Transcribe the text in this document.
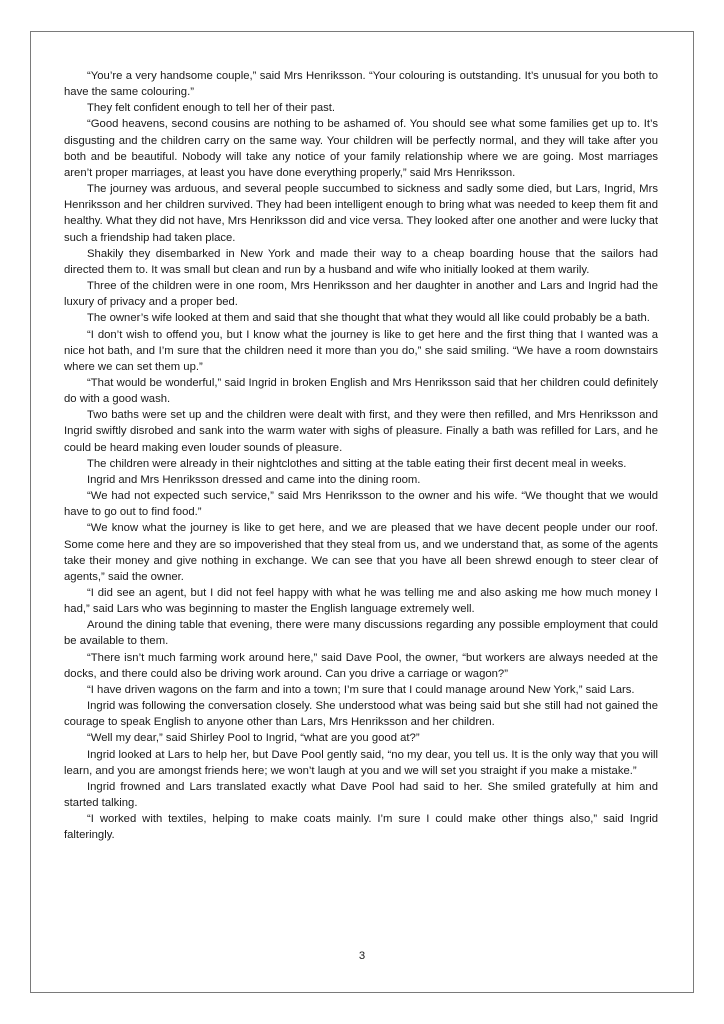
“You’re a very handsome couple,” said Mrs Henriksson. “Your colouring is outstanding. It’s unusual for you both to have the same colouring.”

They felt confident enough to tell her of their past.

“Good heavens, second cousins are nothing to be ashamed of. You should see what some families get up to. It’s disgusting and the children carry on the same way. Your children will be perfectly normal, and they will take after you both and be beautiful. Nobody will take any notice of your family relationship where we are going. Most marriages aren’t proper marriages, at least you have done everything properly,” said Mrs Henriksson.

The journey was arduous, and several people succumbed to sickness and sadly some died, but Lars, Ingrid, Mrs Henriksson and her children survived. They had been intelligent enough to bring what was needed to keep them fit and healthy. What they did not have, Mrs Henriksson did and vice versa. They looked after one another and were lucky that such a friendship had taken place.

Shakily they disembarked in New York and made their way to a cheap boarding house that the sailors had directed them to. It was small but clean and run by a husband and wife who initially looked at them warily.

Three of the children were in one room, Mrs Henriksson and her daughter in another and Lars and Ingrid had the luxury of privacy and a proper bed.

The owner’s wife looked at them and said that she thought that what they would all like could probably be a bath.

“I don’t wish to offend you, but I know what the journey is like to get here and the first thing that I wanted was a nice hot bath, and I’m sure that the children need it more than you do,” she said smiling. “We have a room downstairs where we can set them up.”

“That would be wonderful,” said Ingrid in broken English and Mrs Henriksson said that her children could definitely do with a good wash.

Two baths were set up and the children were dealt with first, and they were then refilled, and Mrs Henriksson and Ingrid swiftly disrobed and sank into the warm water with sighs of pleasure. Finally a bath was refilled for Lars, and he could be heard making even louder sounds of pleasure.

The children were already in their nightclothes and sitting at the table eating their first decent meal in weeks.

Ingrid and Mrs Henriksson dressed and came into the dining room.

“We had not expected such service,” said Mrs Henriksson to the owner and his wife. “We thought that we would have to go out to find food.”

“We know what the journey is like to get here, and we are pleased that we have decent people under our roof. Some come here and they are so impoverished that they steal from us, and we understand that, as some of the agents take their money and give nothing in exchange. We can see that you have all been shrewd enough to steer clear of agents,” said the owner.

“I did see an agent, but I did not feel happy with what he was telling me and also asking me how much money I had,” said Lars who was beginning to master the English language extremely well.

Around the dining table that evening, there were many discussions regarding any possible employment that could be available to them.

“There isn’t much farming work around here,” said Dave Pool, the owner, “but workers are always needed at the docks, and there could also be driving work around. Can you drive a carriage or wagon?”

“I have driven wagons on the farm and into a town; I’m sure that I could manage around New York,” said Lars.

Ingrid was following the conversation closely. She understood what was being said but she still had not gained the courage to speak English to anyone other than Lars, Mrs Henriksson and her children.

“Well my dear,” said Shirley Pool to Ingrid, “what are you good at?”

Ingrid looked at Lars to help her, but Dave Pool gently said, “no my dear, you tell us. It is the only way that you will learn, and you are amongst friends here; we won’t laugh at you and we will set you straight if you make a mistake.”

Ingrid frowned and Lars translated exactly what Dave Pool had said to her. She smiled gratefully at him and started talking.

“I worked with textiles, helping to make coats mainly. I’m sure I could make other things also,” said Ingrid falteringly.

3
